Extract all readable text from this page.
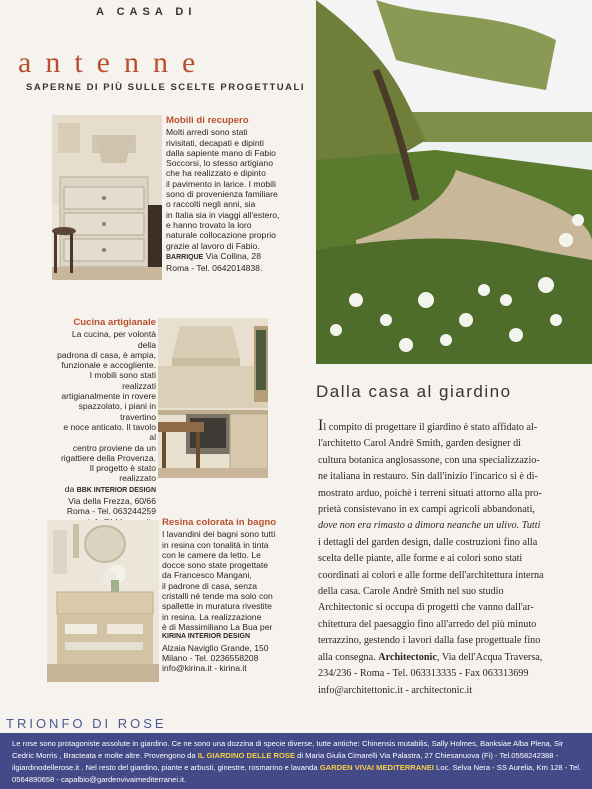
A CASA DI
antenne
SAPERNE DI PIÙ SULLE SCELTE PROGETTUALI
Mobili di recupero
Molti arredi sono stati
rivisitati, decapati e dipinti
dalla sapiente mano di Fabio
Soccorsi, lo stesso artigiano
che ha realizzato e dipinto
il pavimento in larice. I mobili
sono di provenienza familiare
o raccolti negli anni, sia
in Italia sia in viaggi all'estero,
e hanno trovato la loro
naturale collocazione proprio
grazie al lavoro di Fabio.
BARRIQUE Via Collina, 28
Roma - Tel. 0642014838.
Cucina artigianale
La cucina, per volontà della
padrona di casa, è ampia,
funzionale e accogliente.
I mobili sono stati realizzati
artigianalmente in rovere
spazzolato, i piani in travertino
e noce anticato. Il tavolo al
centro proviene da un
rigattiere della Provenza.
Il progetto è stato realizzato
da BBK INTERIOR DESIGN
Via della Frezza, 60/66
Roma - Tel. 063244259
Resina colorata in bagno
I lavandini dei bagni sono tutti
in resina con tonalità in tinta
con le camere da letto. Le
docce sono state progettate
da Francesco Mangani,
il padrone di casa, senza
cristalli né tende ma solo con
spallette in muratura rivestite
in resina. La realizzazione
è di Massimiliano La Bua per
KIRINA INTERIOR DESIGN
Alzaia Naviglio Grande, 150
Milano - Tel. 0236558208
info@kirina.it - kirina.it
Dalla casa al giardino
Il compito di progettare il giardino è stato affidato al-
l'architetto Carol Andrè Smith, garden designer di
cultura botanica anglosassone, con una specializzazio-
ne italiana in restauro. Sin dall'inizio l'incarico si è di-
mostrato arduo, poichè i terreni situati attorno alla pro-
prietà consistevano in ex campi agricoli abbandonati,
dove non era rimasto a dimora neanche un ulivo. Tutti
i dettagli del garden design, dalle costruzioni fino alla
scelta delle piante, alle forme e ai colori sono stati
coordinati ai colori e alle forme dell'architettura interna
della casa. Carole Andrè Smith nel suo studio
Architectonic si occupa di progetti che vanno dall'ar-
chitettura del paesaggio fino all'arredo del più minuto
terrazzino, gestendo i lavori dalla fase progettuale fino
alla consegna. Architectonic, Via dell'Acqua Traversa,
234/236 - Roma - Tel. 063313335 - Fax 063313699
info@architettonic.it - architectonic.it
TRIONFO DI ROSE
Le rose sono protagoniste assolute in giardino. Ce ne sono una dozzina di specie diverse, tutte antiche: Chinensis mutabilis, Sally Holmes, Banksiae Alba Plena, Sir Cedric Morris , Bracteata e molte altre. Provengono da IL GIARDINO DELLE ROSE di Maria Giulia Cimarelli Via Palastra, 27 Chiesanuova (Fi) - Tel.0558242388 - ilgiardinodellerose.it . Nel resto del giardino, piante e arbusti, ginestre, rosmarino e lavanda GARDEN VIVAI MEDITERRANEI Loc. Selva Nera - SS Aurelia, Km 128 - Tel. 0564890658 - capalbio@gardenvivaimediterranei.it.
